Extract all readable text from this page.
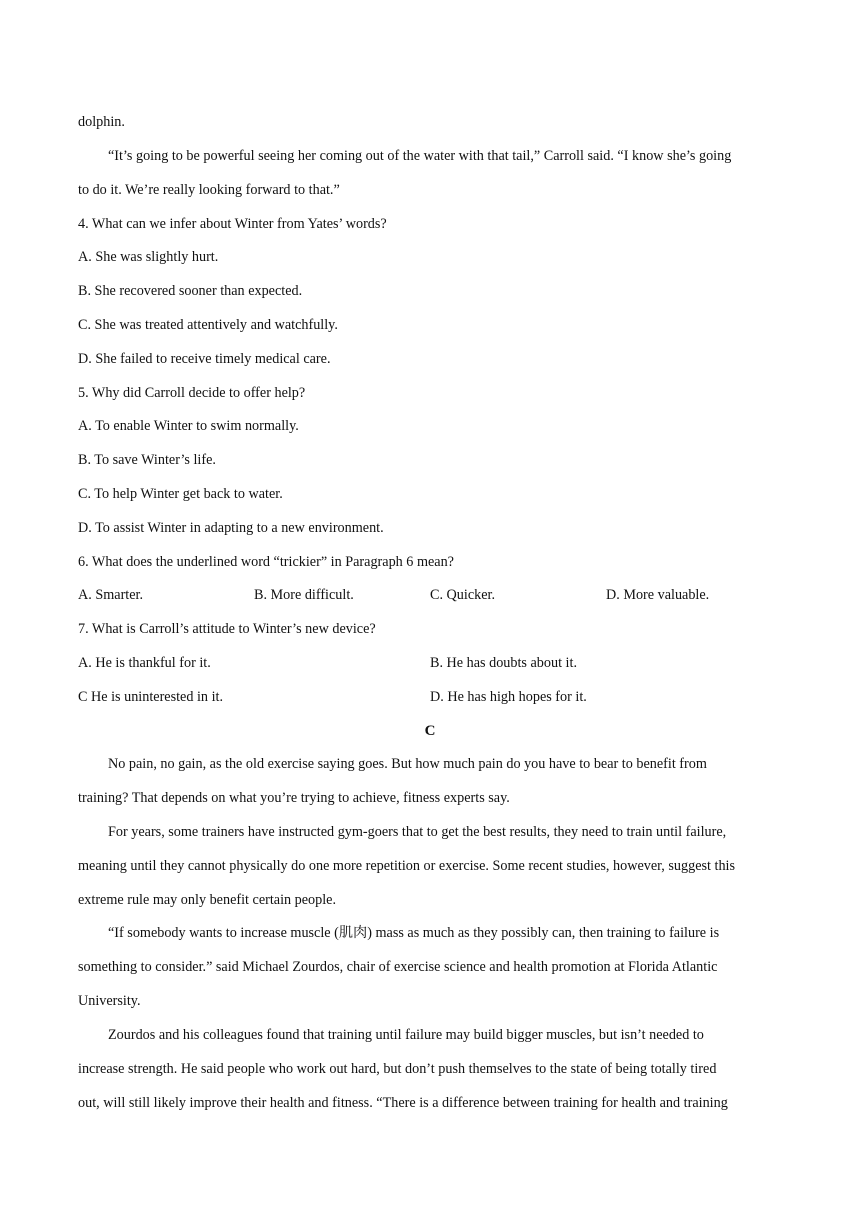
dolphin.
“It’s going to be powerful seeing her coming out of the water with that tail,” Carroll said. “I know she’s going
to do it. We’re really looking forward to that.”
4. What can we infer about Winter from Yates’ words?
A. She was slightly hurt.
B. She recovered sooner than expected.
C. She was treated attentively and watchfully.
D. She failed to receive timely medical care.
5. Why did Carroll decide to offer help?
A. To enable Winter to swim normally.
B. To save Winter’s life.
C. To help Winter get back to water.
D. To assist Winter in adapting to a new environment.
6. What does the underlined word “trickier” in Paragraph 6 mean?
A. Smarter.	B. More difficult.	C. Quicker.	D. More valuable.
7. What is Carroll’s attitude to Winter’s new device?
A. He is thankful for it.	B. He has doubts about it.
C He is uninterested in it.	D. He has high hopes for it.
C
No pain, no gain, as the old exercise saying goes. But how much pain do you have to bear to benefit from
training? That depends on what you’re trying to achieve, fitness experts say.
For years, some trainers have instructed gym-goers that to get the best results, they need to train until failure,
meaning until they cannot physically do one more repetition or exercise. Some recent studies, however, suggest this
extreme rule may only benefit certain people.
“If somebody wants to increase muscle (肌肉) mass as much as they possibly can, then training to failure is
something to consider.” said Michael Zourdos, chair of exercise science and health promotion at Florida Atlantic
University.
Zourdos and his colleagues found that training until failure may build bigger muscles, but isn’t needed to
increase strength. He said people who work out hard, but don’t push themselves to the state of being totally tired
out, will still likely improve their health and fitness. “There is a difference between training for health and training
